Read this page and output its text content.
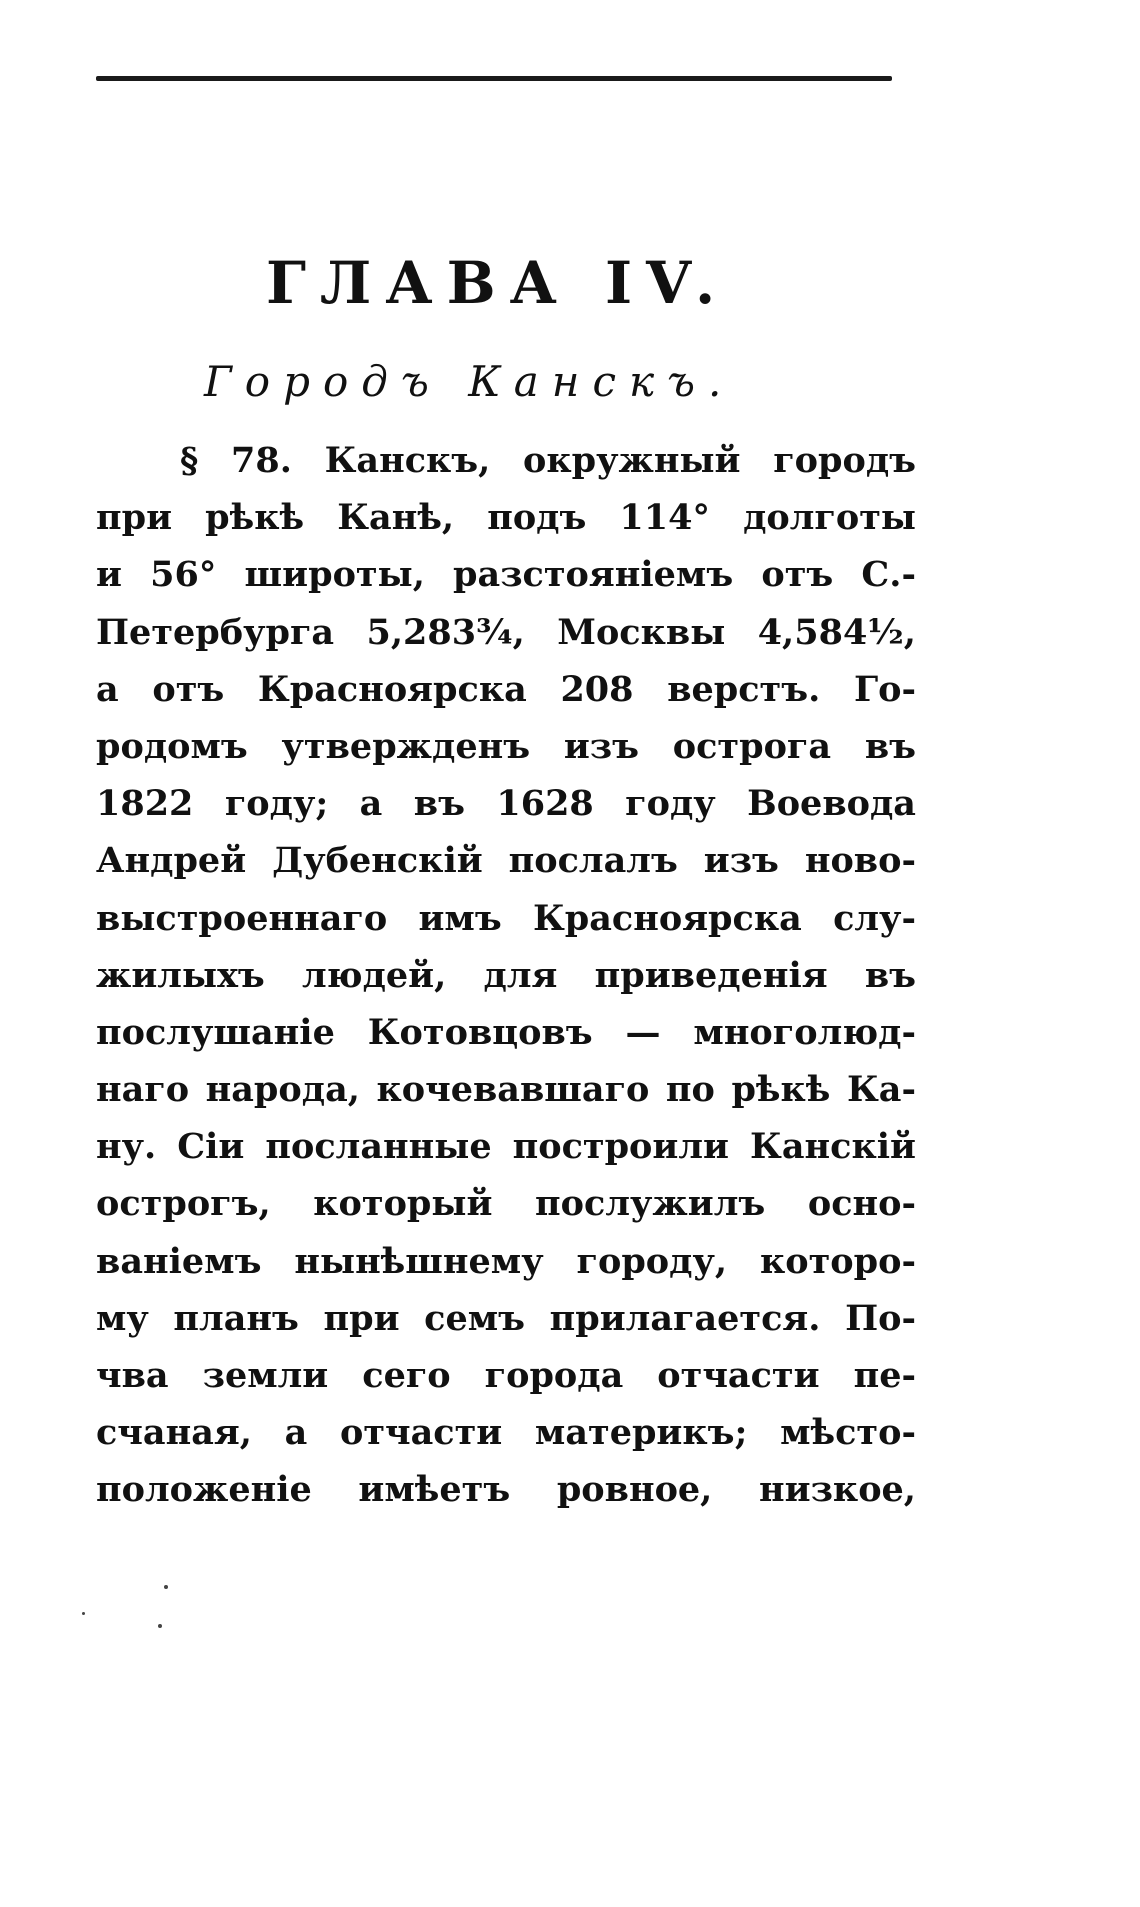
ГЛАВА IV.
Городъ Канскъ.
§ 78. Канскъ, окружный городъ
при рѣкѣ Канѣ, подъ 114° долготы
и 56° широты, разстояніемъ отъ С.-
Петербурга 5,283¾, Москвы 4,584½,
а отъ Красноярска 208 верстъ. Го-
родомъ утвержденъ изъ острога въ
1822 году; а въ 1628 году Воевода
Андрей Дубенскій послалъ изъ ново-
выстроеннаго имъ Красноярска слу-
жилыхъ людей, для приведенія въ
послушаніе Котовцовъ — многолюд-
наго народа, кочевавшаго по рѣкѣ Ка-
ну. Сіи посланные построили Канскій
острогъ, который послужилъ осно-
ваніемъ нынѣшнему городу, которо-
му планъ при семъ прилагается. По-
чва земли сего города отчасти пе-
счаная, а отчасти материкъ; мѣсто-
положеніе имѣетъ ровное, низкое,
